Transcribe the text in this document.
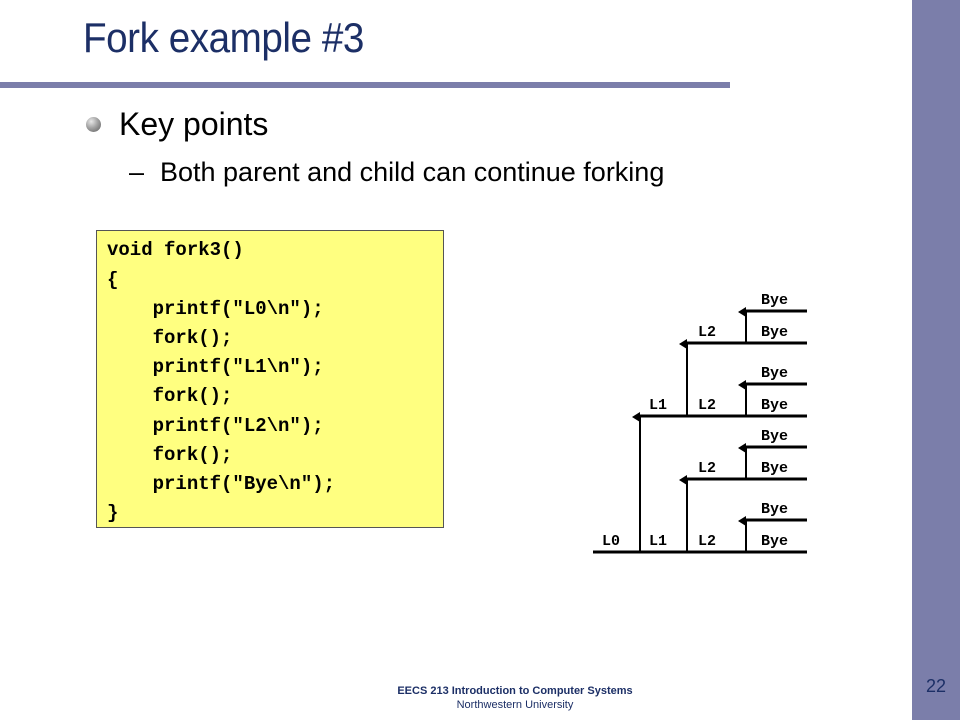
Fork example #3
Key points
– Both parent and child can continue forking
void fork3()
{
printf("L0\n");
fork();
printf("L1\n");
fork();
printf("L2\n");
fork();
printf("Bye\n");
}
L0 L1 L2	Bye
Bye
L2	Bye
Bye
L1 L2	Bye
Bye
L2	Bye
Bye
EECS 213 Introduction to Computer Systems
Northwestern University
22
